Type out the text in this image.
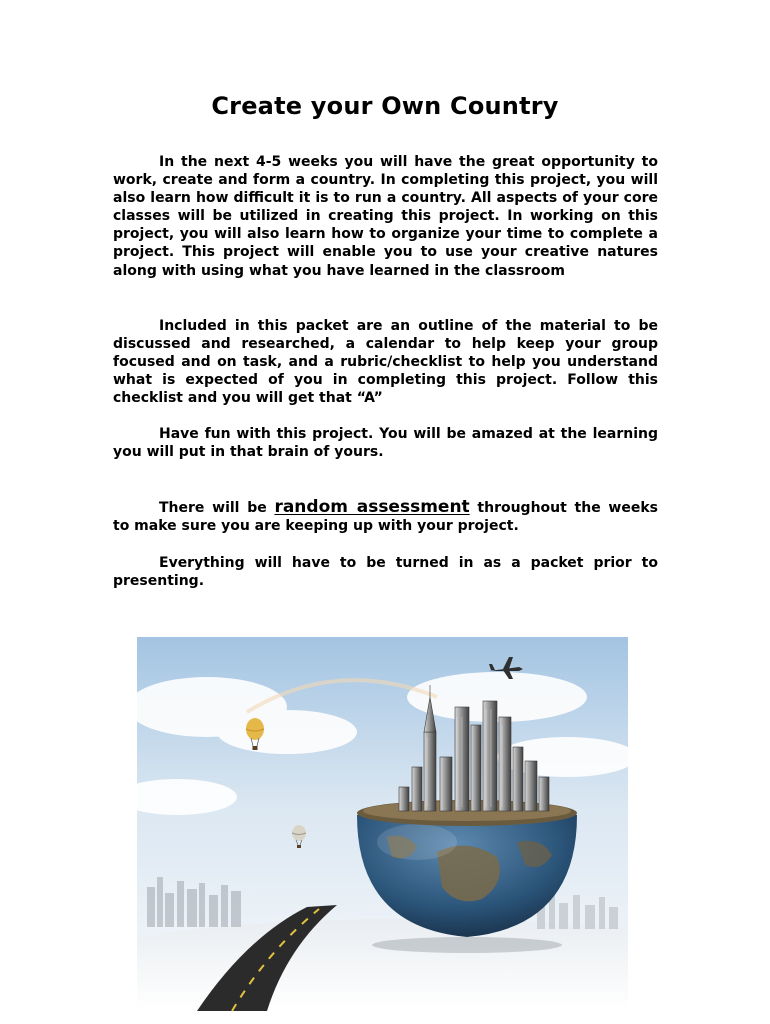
Create your Own Country

In the next 4-5 weeks you will have the great opportunity to work, create and form a country. In completing this project, you will also learn how difficult it is to run a country. All aspects of your core classes will be utilized in creating this project. In working on this project, you will also learn how to organize your time to complete a project. This project will enable you to use your creative natures along with using what you have learned in the classroom

Included in this packet are an outline of the material to be discussed and researched, a calendar to help keep your group focused and on task, and a rubric/checklist to help you understand what is expected of you in completing this project. Follow this checklist and you will get that “A”

Have fun with this project. You will be amazed at the learning you will put in that brain of yours.

There will be random assessment throughout the weeks to make sure you are keeping up with your project.

Everything will have to be turned in as a packet prior to presenting.
